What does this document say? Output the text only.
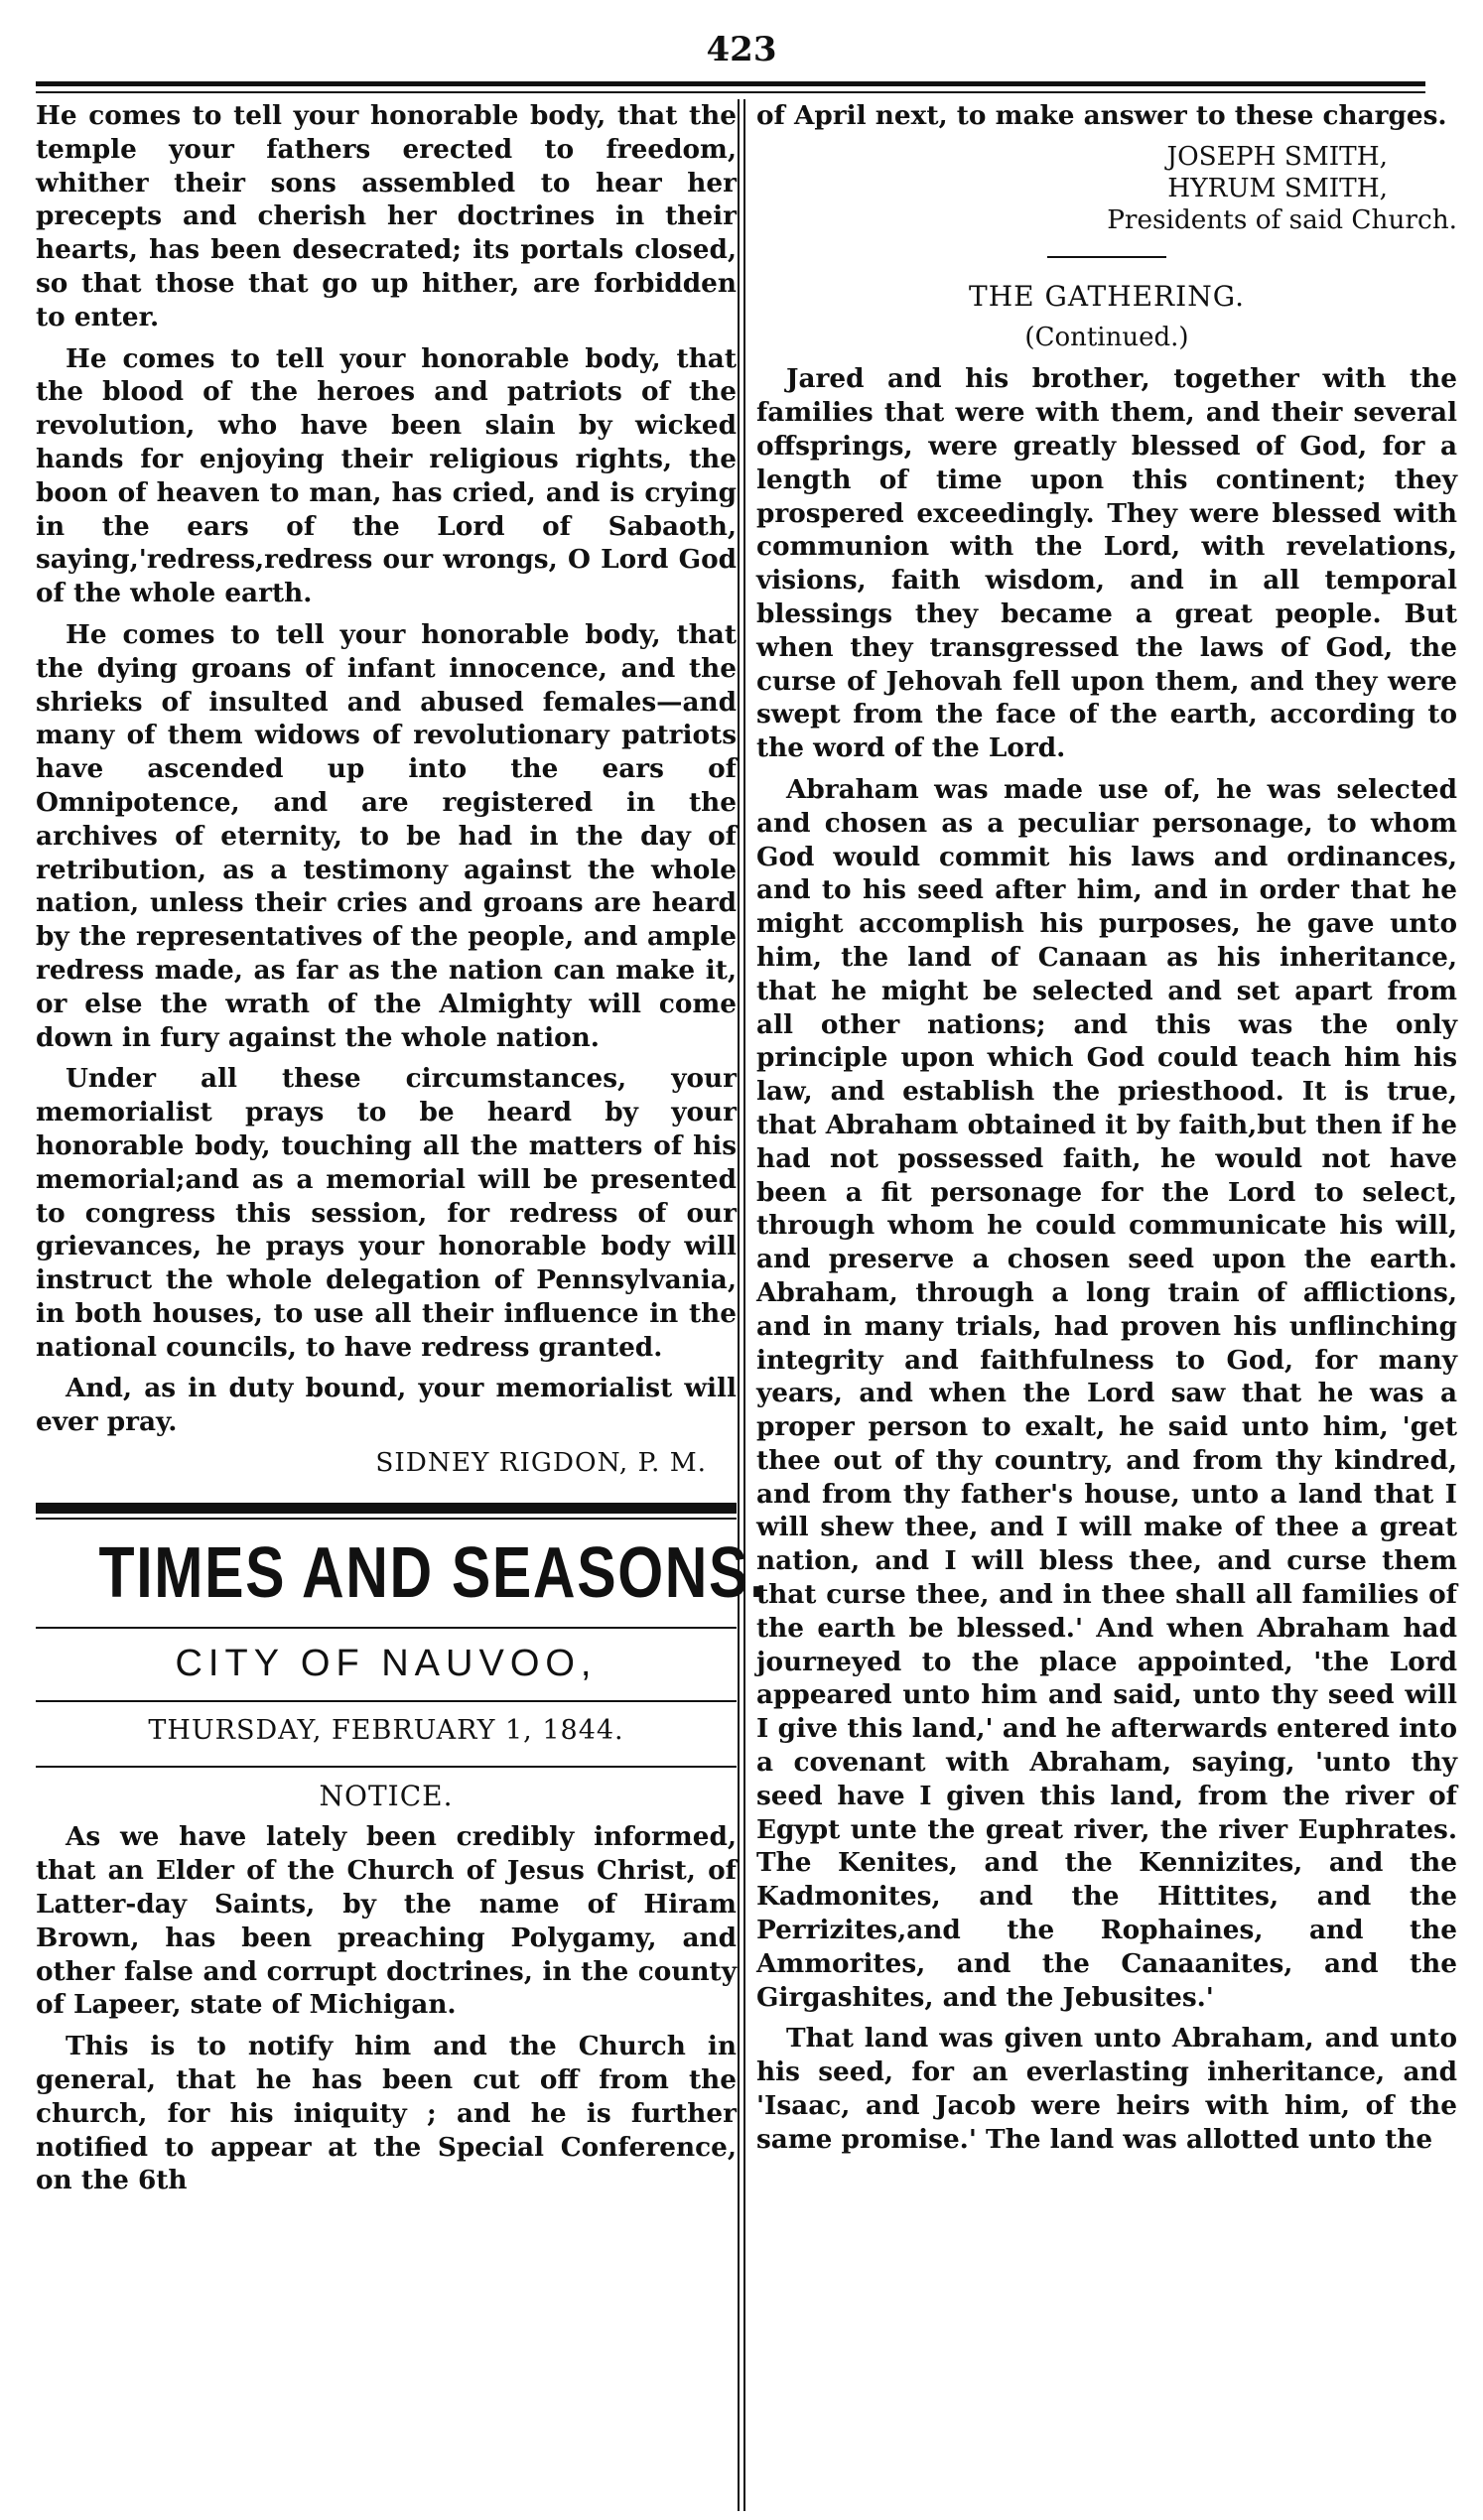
423

He comes to tell your honorable body, that the temple your fathers erected to freedom, whither their sons assembled to hear her precepts and cherish her doctrines in their hearts, has been desecrated; its portals closed, so that those that go up hither, are forbidden to enter.

He comes to tell your honorable body, that the blood of the heroes and patriots of the revolution, who have been slain by wicked hands for enjoying their religious rights, the boon of heaven to man, has cried, and is crying in the ears of the Lord of Sabaoth, saying,'redress,redress our wrongs, O Lord God of the whole earth.

He comes to tell your honorable body, that the dying groans of infant innocence, and the shrieks of insulted and abused females—and many of them widows of revolutionary patriots have ascended up into the ears of Omnipotence, and are registered in the archives of eternity, to be had in the day of retribution, as a testimony against the whole nation, unless their cries and groans are heard by the representatives of the people, and ample redress made, as far as the nation can make it, or else the wrath of the Almighty will come down in fury against the whole nation.

Under all these circumstances, your memorialist prays to be heard by your honorable body, touching all the matters of his memorial;and as a memorial will be presented to congress this session, for redress of our grievances, he prays your honorable body will instruct the whole delegation of Pennsylvania, in both houses, to use all their influence in the national councils, to have redress granted.

And, as in duty bound, your memorialist will ever pray.

SIDNEY RIGDON, P. M.
TIMES AND SEASONS.
CITY OF NAUVOO,
THURSDAY, FEBRUARY 1, 1844.
NOTICE.

As we have lately been credibly informed, that an Elder of the Church of Jesus Christ, of Latter-day Saints, by the name of Hiram Brown, has been preaching Polygamy, and other false and corrupt doctrines, in the county of Lapeer, state of Michigan.

This is to notify him and the Church in general, that he has been cut off from the church, for his iniquity ; and he is further notified to appear at the Special Conference, on the 6th

of April next, to make answer to these charges.

JOSEPH SMITH,
HYRUM SMITH,
Presidents of said Church.
THE GATHERING.
(Continued.)

Jared and his brother, together with the families that were with them, and their several offsprings, were greatly blessed of God, for a length of time upon this continent; they prospered exceedingly. They were blessed with communion with the Lord, with revelations, visions, faith wisdom, and in all temporal blessings they became a great people. But when they transgressed the laws of God, the curse of Jehovah fell upon them, and they were swept from the face of the earth, according to the word of the Lord.

Abraham was made use of, he was selected and chosen as a peculiar personage, to whom God would commit his laws and ordinances, and to his seed after him, and in order that he might accomplish his purposes, he gave unto him, the land of Canaan as his inheritance, that he might be selected and set apart from all other nations; and this was the only principle upon which God could teach him his law, and establish the priesthood. It is true, that Abraham obtained it by faith,but then if he had not possessed faith, he would not have been a fit personage for the Lord to select, through whom he could communicate his will, and preserve a chosen seed upon the earth. Abraham, through a long train of afflictions, and in many trials, had proven his unflinching integrity and faithfulness to God, for many years, and when the Lord saw that he was a proper person to exalt, he said unto him, 'get thee out of thy country, and from thy kindred, and from thy father's house, unto a land that I will shew thee, and I will make of thee a great nation, and I will bless thee, and curse them that curse thee, and in thee shall all families of the earth be blessed.' And when Abraham had journeyed to the place appointed, 'the Lord appeared unto him and said, unto thy seed will I give this land,' and he afterwards entered into a covenant with Abraham, saying, 'unto thy seed have I given this land, from the river of Egypt unte the great river, the river Euphrates. The Kenites, and the Kennizites, and the Kadmonites, and the Hittites, and the Perrizites,and the Rophaines, and the Ammorites, and the Canaanites, and the Girgashites, and the Jebusites.'

That land was given unto Abraham, and unto his seed, for an everlasting inheritance, and 'Isaac, and Jacob were heirs with him, of the same promise.' The land was allotted unto the
